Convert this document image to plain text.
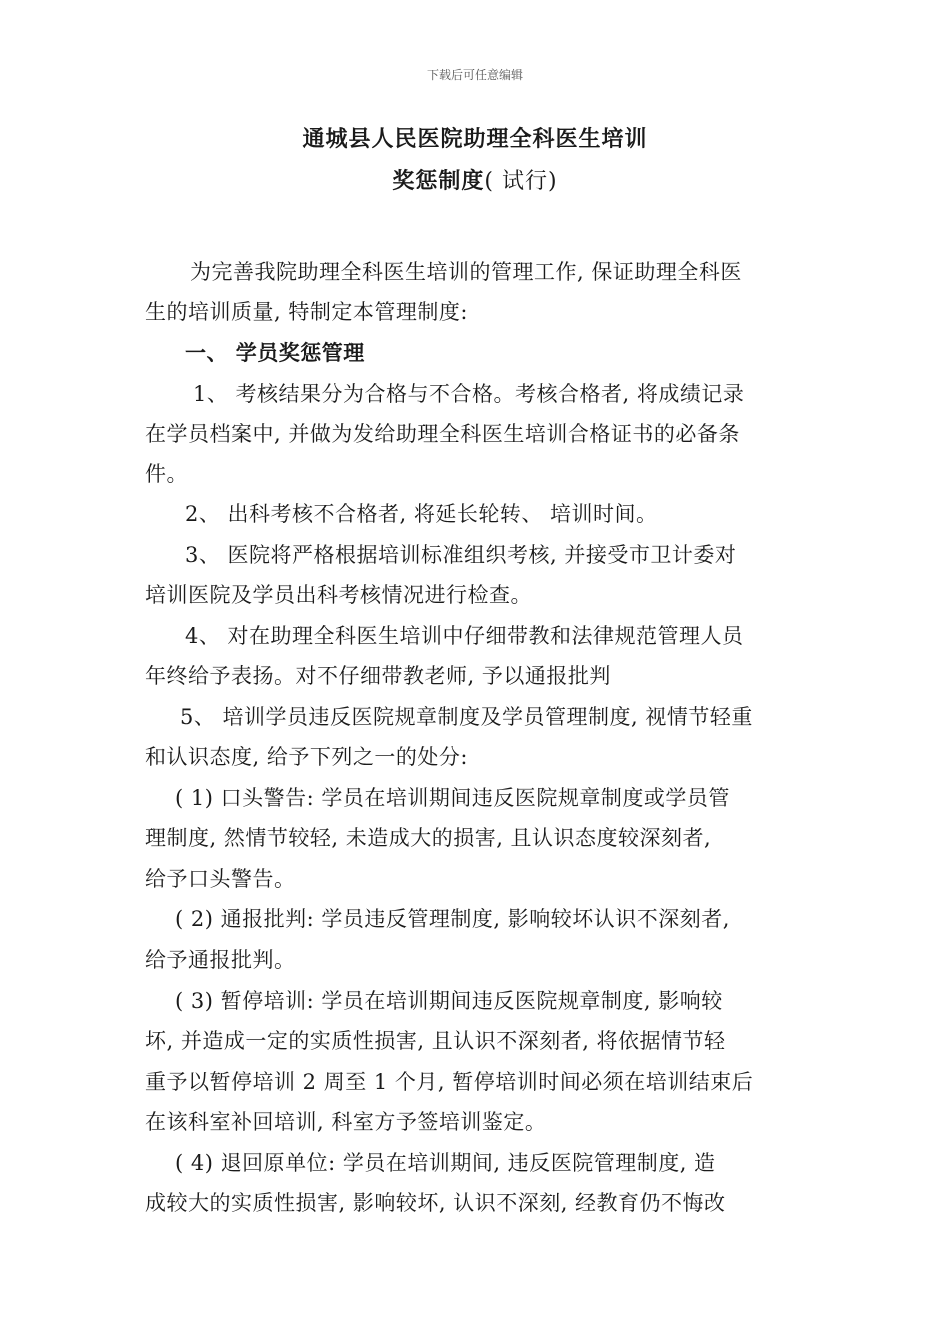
下载后可任意编辑
通城县人民医院助理全科医生培训
奖惩制度( 试行)
为完善我院助理全科医生培训的管理工作, 保证助理全科医
生的培训质量, 特制定本管理制度:
一、 学员奖惩管理
1、 考核结果分为合格与不合格。考核合格者, 将成绩记录
在学员档案中, 并做为发给助理全科医生培训合格证书的必备条
件。
2、 出科考核不合格者, 将延长轮转、 培训时间。
3、 医院将严格根据培训标准组织考核, 并接受市卫计委对
培训医院及学员出科考核情况进行检查。
4、 对在助理全科医生培训中仔细带教和法律规范管理人员
年终给予表扬。对不仔细带教老师, 予以通报批判
5、 培训学员违反医院规章制度及学员管理制度, 视情节轻重
和认识态度, 给予下列之一的处分:
( 1) 口头警告: 学员在培训期间违反医院规章制度或学员管
理制度, 然情节较轻, 未造成大的损害, 且认识态度较深刻者,
给予口头警告。
( 2) 通报批判: 学员违反管理制度, 影响较坏认识不深刻者,
给予通报批判。
( 3) 暂停培训: 学员在培训期间违反医院规章制度, 影响较
坏, 并造成一定的实质性损害, 且认识不深刻者, 将依据情节轻
重予以暂停培训 2 周至 1 个月, 暂停培训时间必须在培训结束后
在该科室补回培训, 科室方予签培训鉴定。
( 4) 退回原单位: 学员在培训期间, 违反医院管理制度, 造
成较大的实质性损害, 影响较坏, 认识不深刻, 经教育仍不悔改
